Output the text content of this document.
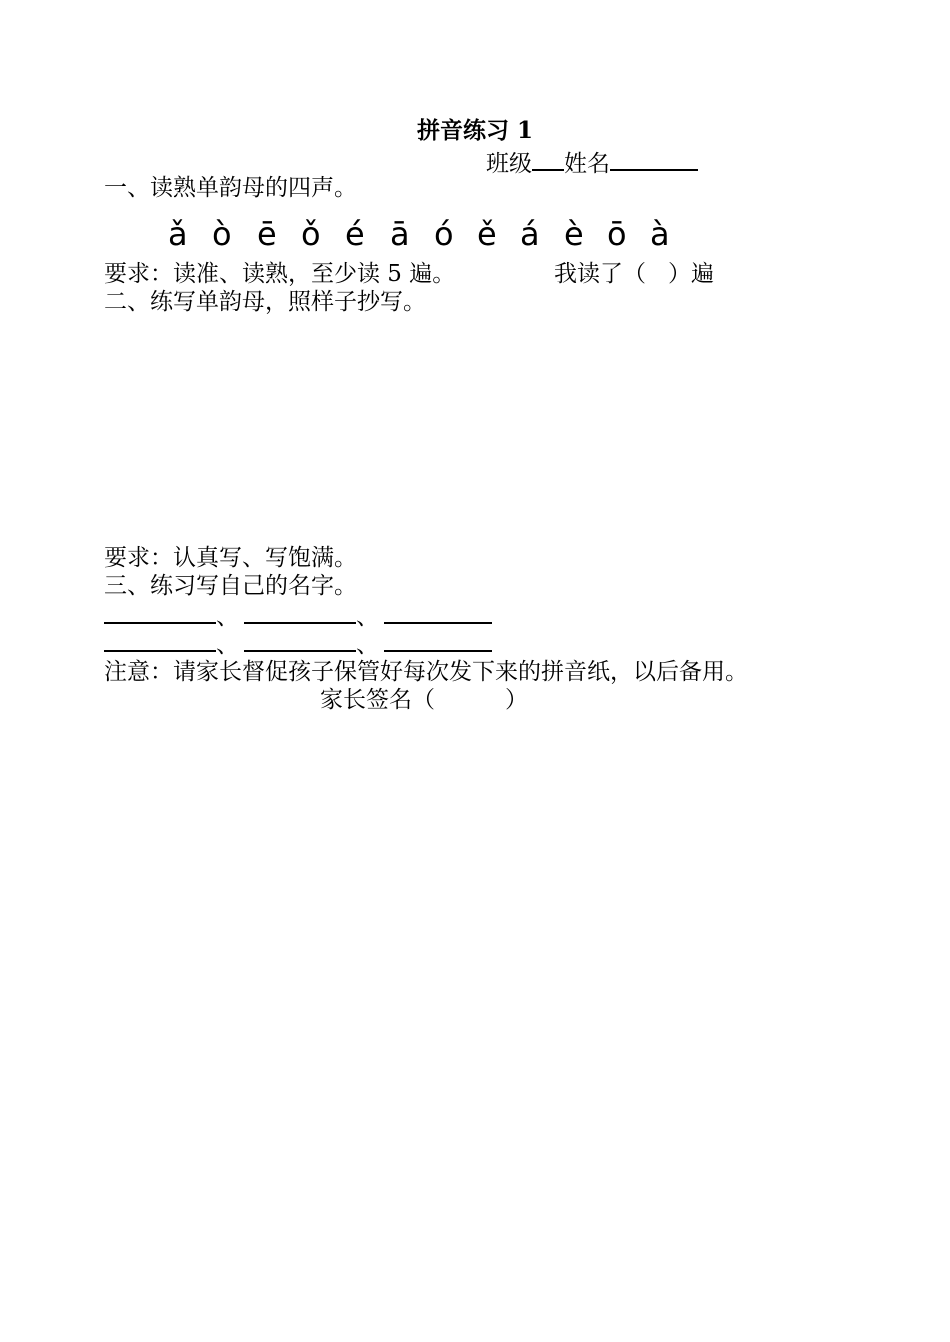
拼音练习 1
班级 姓名
一、读熟单韵母的四声。
ǎ ò ē ǒ é ā ó ě á è ō à
要求：读准、读熟，至少读 5 遍。	我读了（ ）遍
二、练写单韵母，照样子抄写。
要求：认真写、写饱满。
三、练习写自己的名字。
、	、
、	、
注意：请家长督促孩子保管好每次发下来的拼音纸，以后备用。
家长签名（	）
